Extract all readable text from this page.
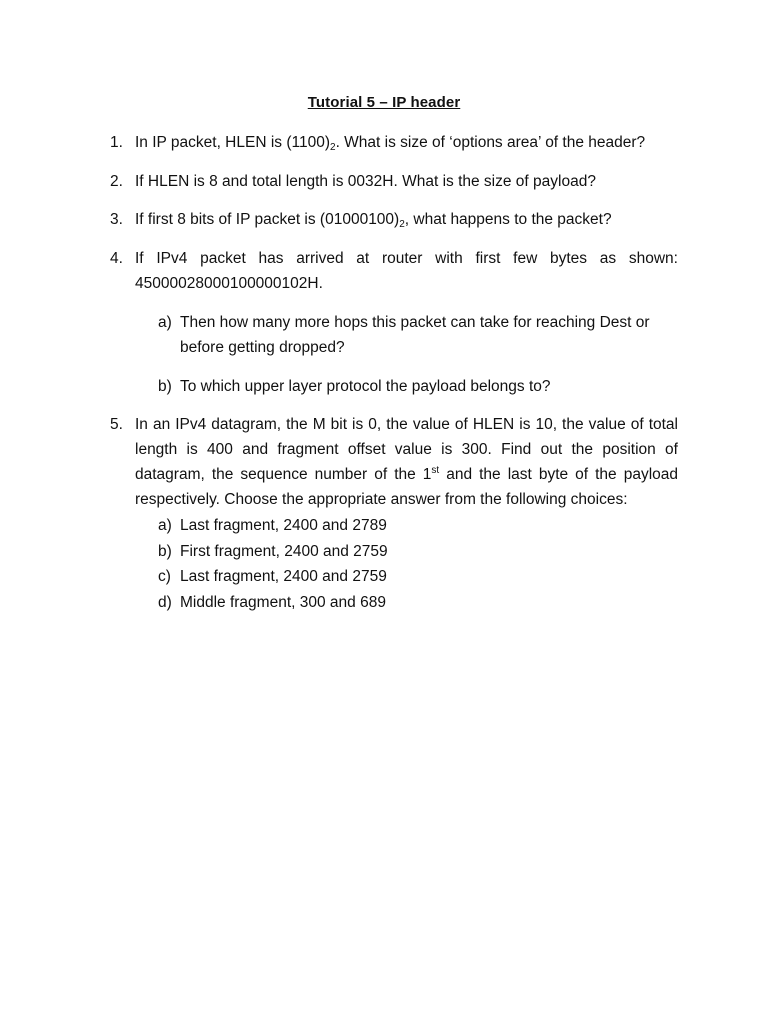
Tutorial 5 – IP header
1. In IP packet, HLEN is (1100)2. What is size of ‘options area’ of the header?
2. If HLEN is 8 and total length is 0032H. What is the size of payload?
3. If first 8 bits of IP packet is (01000100)2, what happens to the packet?
4. If IPv4 packet has arrived at router with first few bytes as shown:
45000028000100000102H.
a) Then how many more hops this packet can take for reaching Dest or
before getting dropped?
b) To which upper layer protocol the payload belongs to?
5. In an IPv4 datagram, the M bit is 0, the value of HLEN is 10, the value of total
length is 400 and fragment offset value is 300. Find out the position of
datagram, the sequence number of the 1st and the last byte of the payload
respectively. Choose the appropriate answer from the following choices:
a) Last fragment, 2400 and 2789
b) First fragment, 2400 and 2759
c) Last fragment, 2400 and 2759
d) Middle fragment, 300 and 689
